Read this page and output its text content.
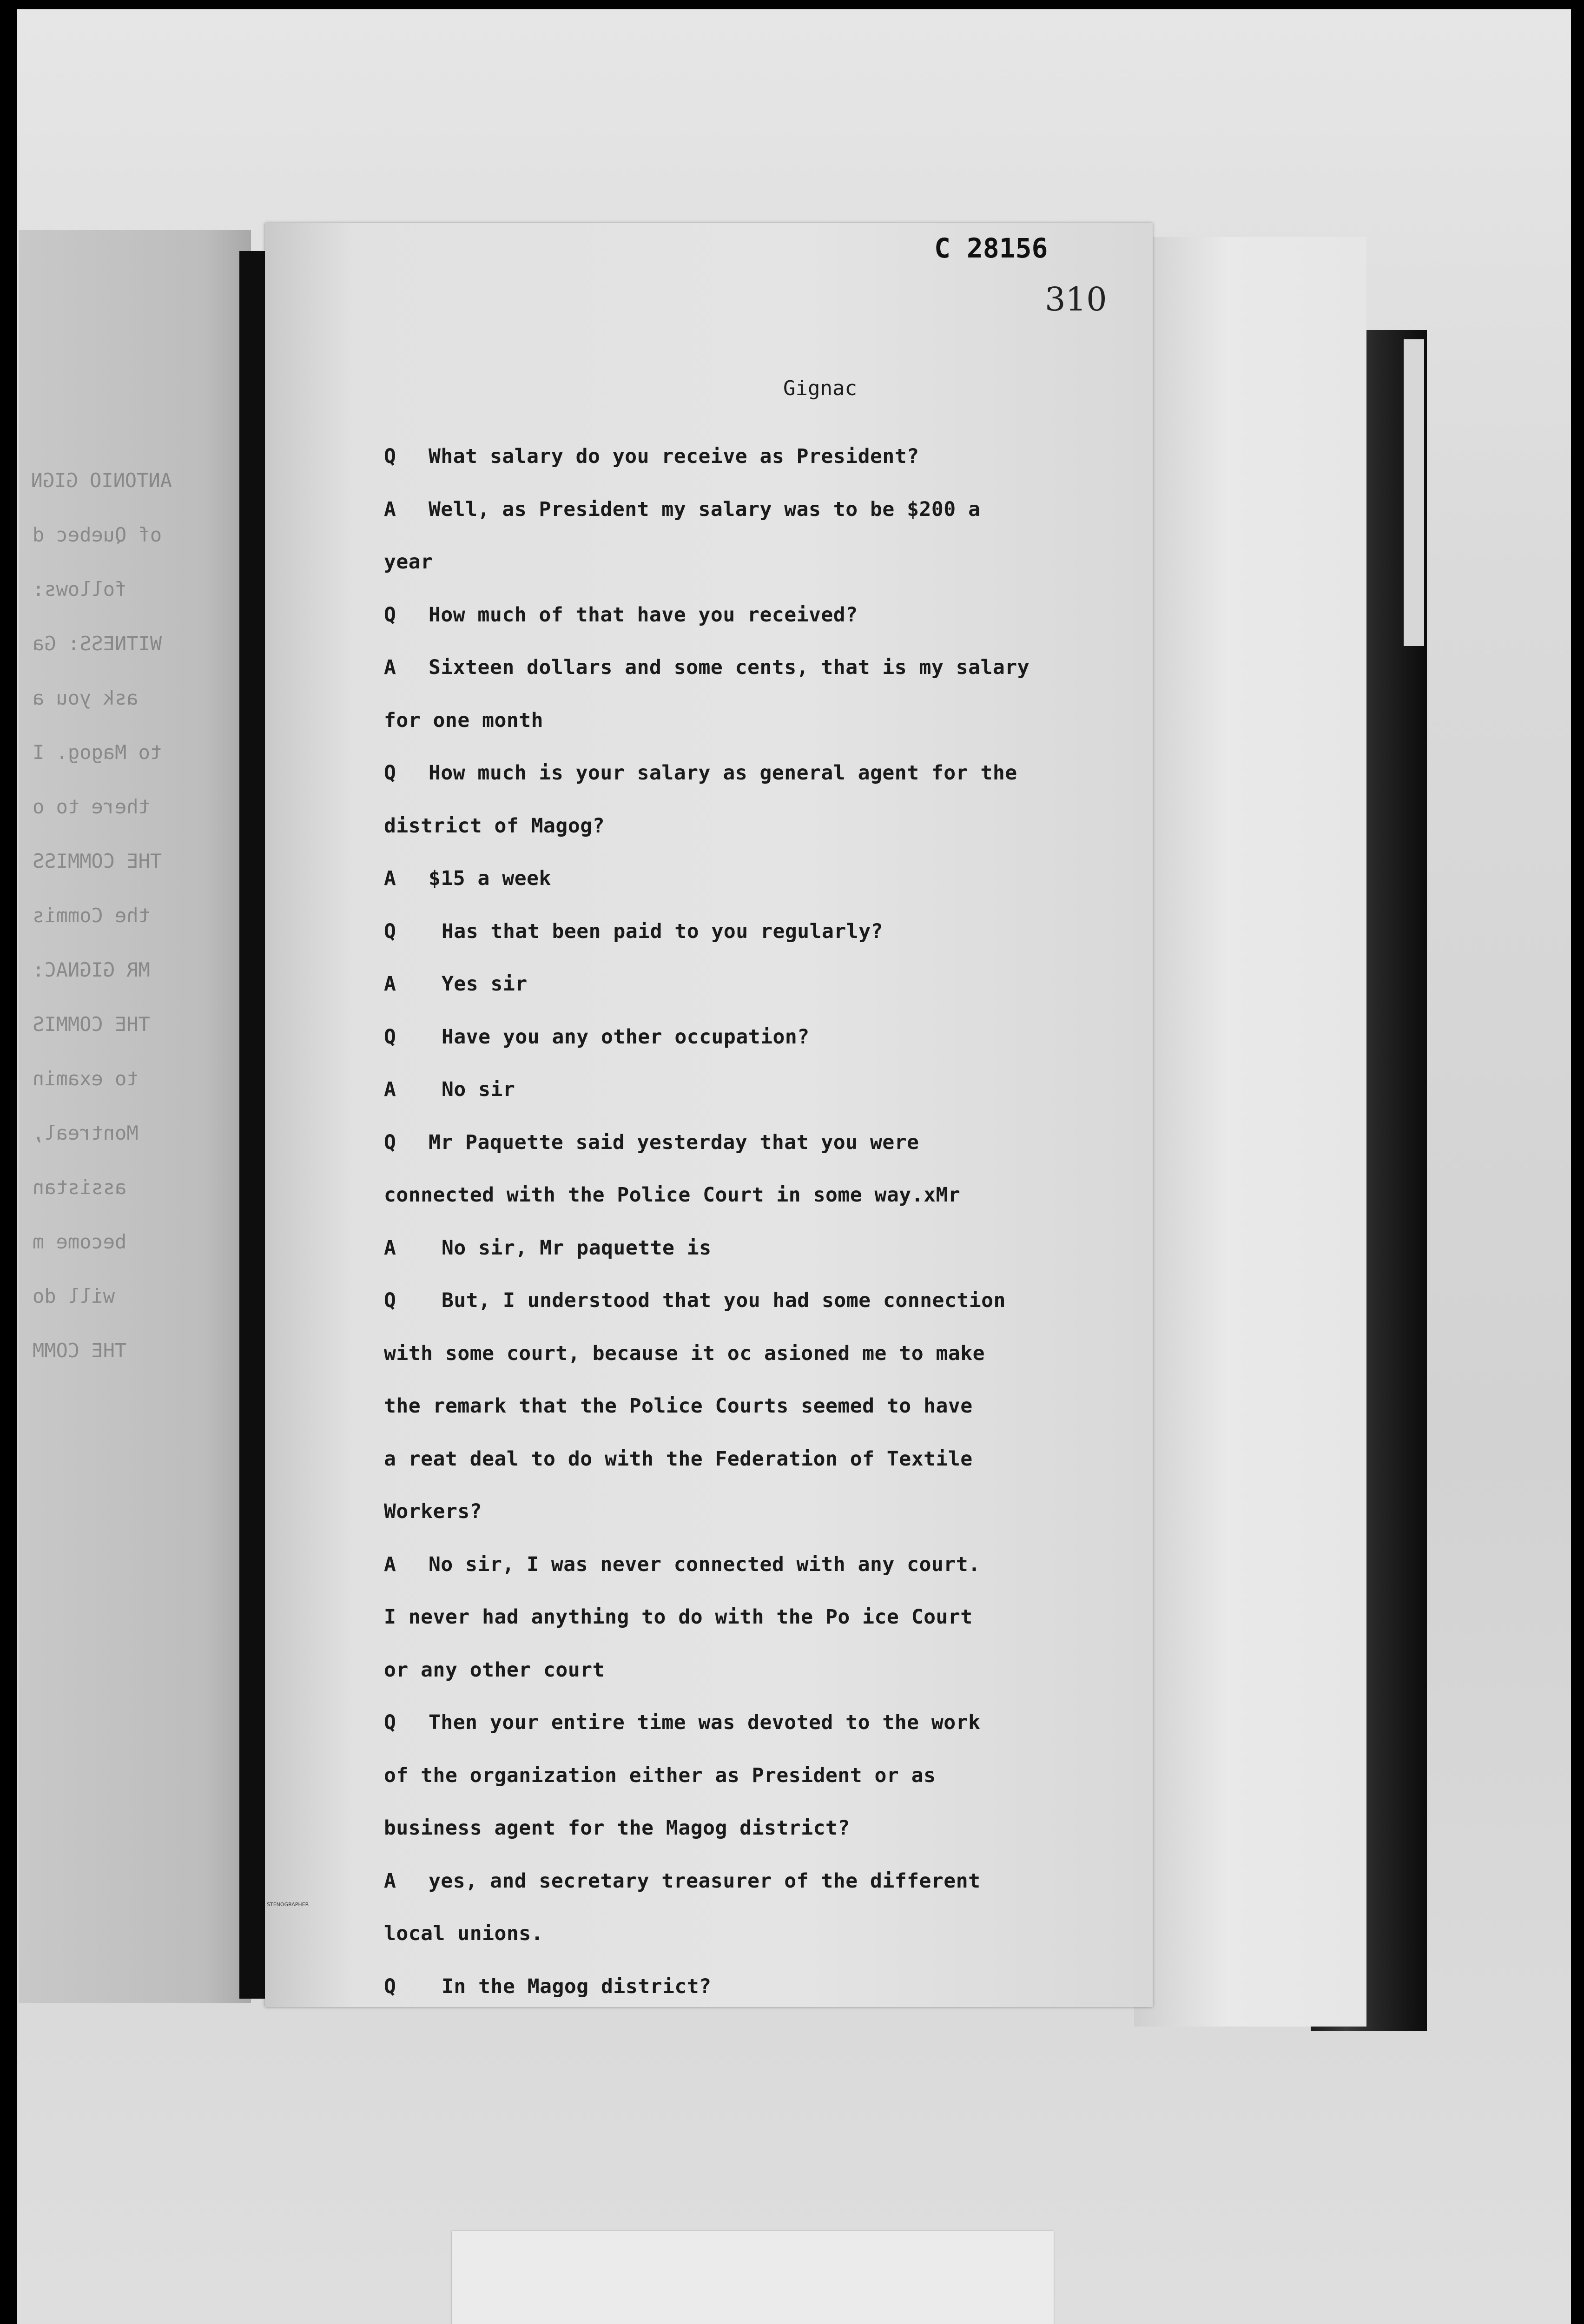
ANTONIO GIGN
of Quebec d
follows:
WITNESS: Ga
ask you a
to Magog. I
there to o
THE COMMISS
the Commis
MR GIGNAC:
THE COMMIS
to examin
Montreal,
assistan
become m
will do
THE COMM
C 28156
310
Gignac
Q What salary do you receive as President?
A Well, as President my salary was to be $200 a
year
Q How much of that have you received?
A Sixteen dollars and some cents, that is my salary
for one month
Q How much is your salary as general agent for the
district of Magog?
A $15 a week
Q Has that been paid to you regularly?
A Yes sir
Q Have you any other occupation?
A No sir
Q Mr Paquette said yesterday that you were
connected with the Police Court in some way.xMr
A No sir, Mr paquette is
Q But, I understood that you had some connection
with some court, because it oc asioned me to make
the remark that the Police Courts seemed to have
a reat deal to do with the Federation of Textile
Workers?
A No sir, I was never connected with any court.
I never had anything to do with the Po ice Court
or any other court
Q Then your entire time was devoted to the work
of the organization either as President or as
business agent for the Magog district?
A yes, and secretary treasurer of the different
local unions.
Q In the Magog district?
STENOGRAPHER
